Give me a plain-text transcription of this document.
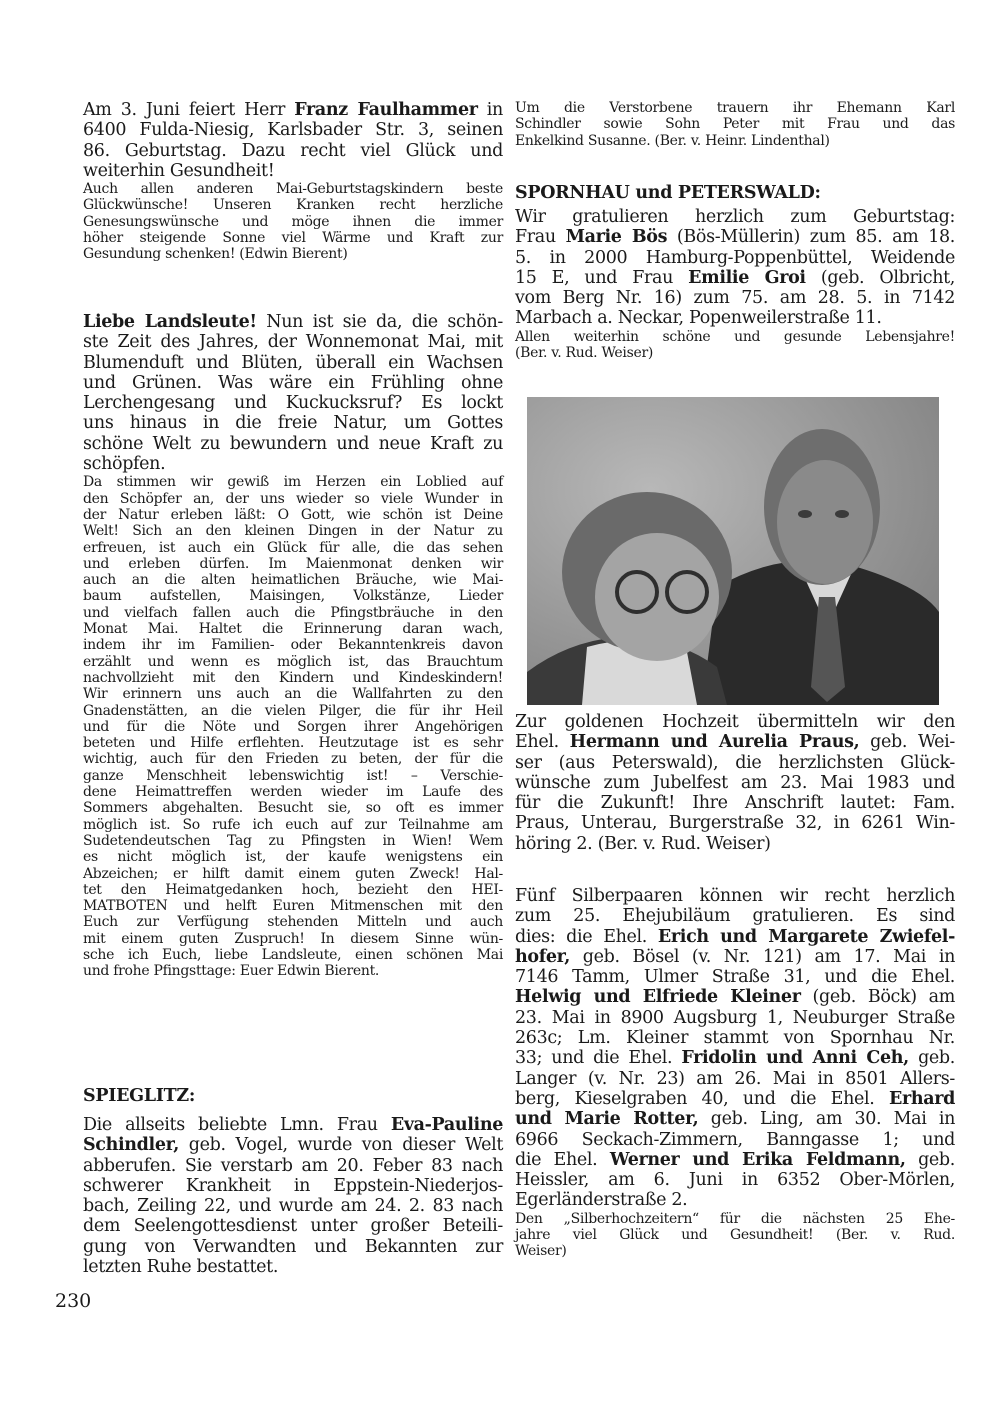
Am 3. Juni feiert Herr Franz Faulhammer in
6400 Fulda-Niesig, Karlsbader Str. 3, seinen
86. Geburtstag. Dazu recht viel Glück und
weiterhin Gesundheit!
Auch allen anderen Mai-Geburtstagskindern beste
Glückwünsche! Unseren Kranken recht herzliche
Genesungswünsche und möge ihnen die immer
höher steigende Sonne viel Wärme und Kraft zur
Gesundung schenken! (Edwin Bierent)
Liebe Landsleute! Nun ist sie da, die schön-
ste Zeit des Jahres, der Wonnemonat Mai, mit
Blumenduft und Blüten, überall ein Wachsen
und Grünen. Was wäre ein Frühling ohne
Lerchengesang und Kuckucksruf? Es lockt
uns hinaus in die freie Natur, um Gottes
schöne Welt zu bewundern und neue Kraft zu
schöpfen.
Da stimmen wir gewiß im Herzen ein Loblied auf
den Schöpfer an, der uns wieder so viele Wunder in
der Natur erleben läßt: O Gott, wie schön ist Deine
Welt! Sich an den kleinen Dingen in der Natur zu
erfreuen, ist auch ein Glück für alle, die das sehen
und erleben dürfen. Im Maienmonat denken wir
auch an die alten heimatlichen Bräuche, wie Mai-
baum aufstellen, Maisingen, Volkstänze, Lieder
und vielfach fallen auch die Pfingstbräuche in den
Monat Mai. Haltet die Erinnerung daran wach,
indem ihr im Familien- oder Bekanntenkreis davon
erzählt und wenn es möglich ist, das Brauchtum
nachvollzieht mit den Kindern und Kindeskindern!
Wir erinnern uns auch an die Wallfahrten zu den
Gnadenstätten, an die vielen Pilger, die für ihr Heil
und für die Nöte und Sorgen ihrer Angehörigen
beteten und Hilfe erflehten. Heutzutage ist es sehr
wichtig, auch für den Frieden zu beten, der für die
ganze Menschheit lebenswichtig ist! – Verschie-
dene Heimattreffen werden wieder im Laufe des
Sommers abgehalten. Besucht sie, so oft es immer
möglich ist. So rufe ich euch auf zur Teilnahme am
Sudetendeutschen Tag zu Pfingsten in Wien! Wem
es nicht möglich ist, der kaufe wenigstens ein
Abzeichen; er hilft damit einem guten Zweck! Hal-
tet den Heimatgedanken hoch, bezieht den HEI-
MATBOTEN und helft Euren Mitmenschen mit den
Euch zur Verfügung stehenden Mitteln und auch
mit einem guten Zuspruch! In diesem Sinne wün-
sche ich Euch, liebe Landsleute, einen schönen Mai
und frohe Pfingsttage: Euer Edwin Bierent.
SPIEGLITZ:
Die allseits beliebte Lmn. Frau Eva-Pauline
Schindler, geb. Vogel, wurde von dieser Welt
abberufen. Sie verstarb am 20. Feber 83 nach
schwerer Krankheit in Eppstein-Niederjos-
bach, Zeiling 22, und wurde am 24. 2. 83 nach
dem Seelengottesdienst unter großer Beteili-
gung von Verwandten und Bekannten zur
letzten Ruhe bestattet.
Um die Verstorbene trauern ihr Ehemann Karl
Schindler sowie Sohn Peter mit Frau und das
Enkelkind Susanne. (Ber. v. Heinr. Lindenthal)
SPORNHAU und PETERSWALD:
Wir gratulieren herzlich zum Geburtstag:
Frau Marie Bös (Bös-Müllerin) zum 85. am 18.
5. in 2000 Hamburg-Poppenbüttel, Weidende
15 E, und Frau Emilie Groi (geb. Olbricht,
vom Berg Nr. 16) zum 75. am 28. 5. in 7142
Marbach a. Neckar, Popenweilerstraße 11.
Allen weiterhin schöne und gesunde Lebensjahre!
(Ber. v. Rud. Weiser)
Zur goldenen Hochzeit übermitteln wir den
Ehel. Hermann und Aurelia Praus, geb. Wei-
ser (aus Peterswald), die herzlichsten Glück-
wünsche zum Jubelfest am 23. Mai 1983 und
für die Zukunft! Ihre Anschrift lautet: Fam.
Praus, Unterau, Burgerstraße 32, in 6261 Win-
höring 2. (Ber. v. Rud. Weiser)
Fünf Silberpaaren können wir recht herzlich
zum 25. Ehejubiläum gratulieren. Es sind
dies: die Ehel. Erich und Margarete Zwiefel-
hofer, geb. Bösel (v. Nr. 121) am 17. Mai in
7146 Tamm, Ulmer Straße 31, und die Ehel.
Helwig und Elfriede Kleiner (geb. Böck) am
23. Mai in 8900 Augsburg 1, Neuburger Straße
263c; Lm. Kleiner stammt von Spornhau Nr.
33; und die Ehel. Fridolin und Anni Ceh, geb.
Langer (v. Nr. 23) am 26. Mai in 8501 Allers-
berg, Kieselgraben 40, und die Ehel. Erhard
und Marie Rotter, geb. Ling, am 30. Mai in
6966 Seckach-Zimmern, Banngasse 1; und
die Ehel. Werner und Erika Feldmann, geb.
Heissler, am 6. Juni in 6352 Ober-Mörlen,
Egerländerstraße 2.
Den „Silberhochzeitern“ für die nächsten 25 Ehe-
jahre viel Glück und Gesundheit! (Ber. v. Rud.
Weiser)
230
